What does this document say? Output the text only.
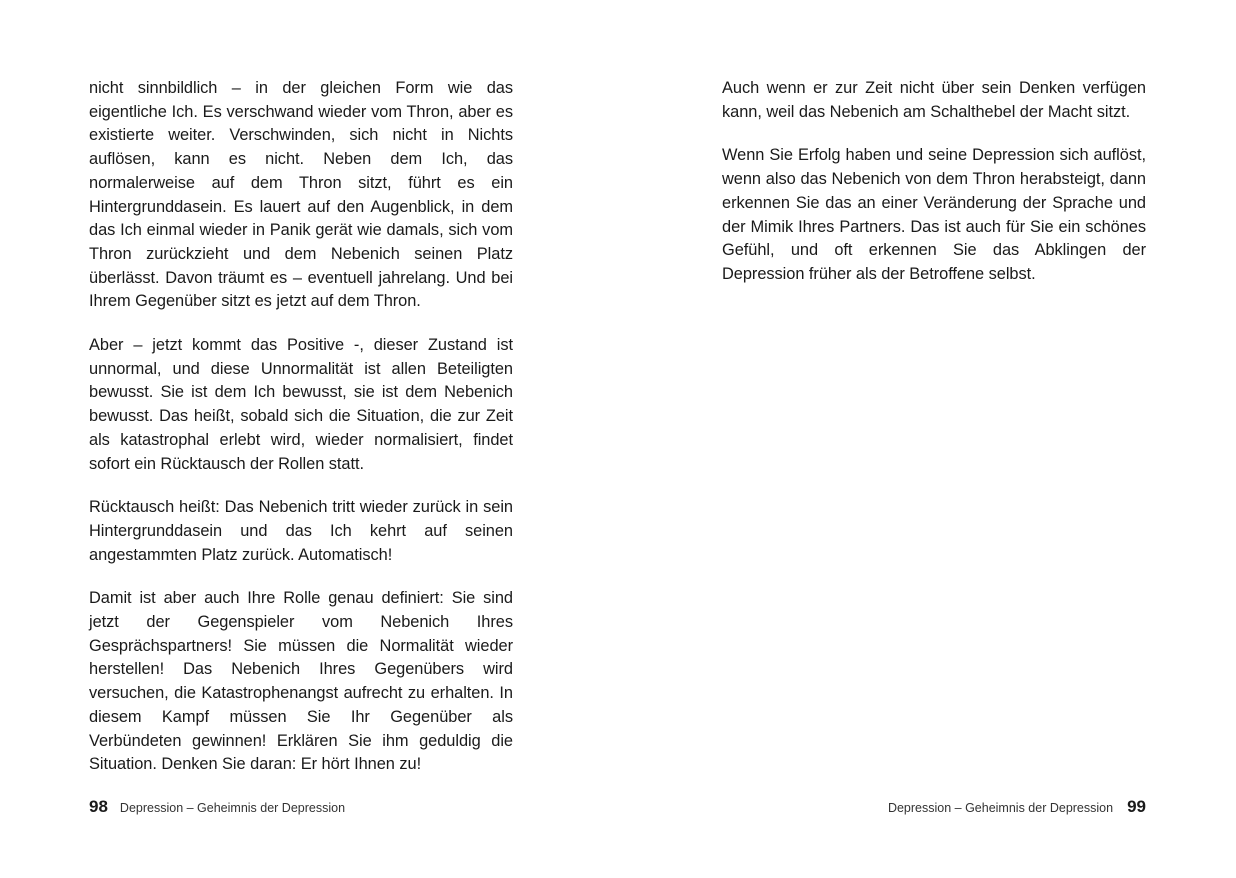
nicht sinnbildlich – in der gleichen Form wie das eigentliche Ich. Es verschwand wieder vom Thron, aber es existierte weiter. Verschwinden, sich nicht in Nichts auflösen, kann es nicht. Neben dem Ich, das normalerweise auf dem Thron sitzt, führt es ein Hintergrunddasein. Es lauert auf den Augenblick, in dem das Ich einmal wieder in Panik gerät wie damals, sich vom Thron zurückzieht und dem Nebenich seinen Platz überlässt. Davon träumt es – eventuell jahrelang. Und bei Ihrem Gegenüber sitzt es jetzt auf dem Thron.

Aber – jetzt kommt das Positive -, dieser Zustand ist unnormal, und diese Unnormalität ist allen Beteiligten bewusst. Sie ist dem Ich bewusst, sie ist dem Nebenich bewusst. Das heißt, sobald sich die Situation, die zur Zeit als katastrophal erlebt wird, wieder normalisiert, findet sofort ein Rücktausch der Rollen statt.

Rücktausch heißt: Das Nebenich tritt wieder zurück in sein Hintergrunddasein und das Ich kehrt auf seinen angestammten Platz zurück. Automatisch!

Damit ist aber auch Ihre Rolle genau definiert: Sie sind jetzt der Gegenspieler vom Nebenich Ihres Gesprächspartners! Sie müssen die Normalität wieder herstellen! Das Nebenich Ihres Gegenübers wird versuchen, die Katastrophenangst aufrecht zu erhalten. In diesem Kampf müssen Sie Ihr Gegenüber als Verbündeten gewinnen! Erklären Sie ihm geduldig die Situation. Denken Sie daran: Er hört Ihnen zu!

98 Depression – Geheimnis der Depression

Auch wenn er zur Zeit nicht über sein Denken verfügen kann, weil das Nebenich am Schalthebel der Macht sitzt.

Wenn Sie Erfolg haben und seine Depression sich auflöst, wenn also das Nebenich von dem Thron herabsteigt, dann erkennen Sie das an einer Veränderung der Sprache und der Mimik Ihres Partners. Das ist auch für Sie ein schönes Gefühl, und oft erkennen Sie das Abklingen der Depression früher als der Betroffene selbst.

Depression – Geheimnis der Depression 99
